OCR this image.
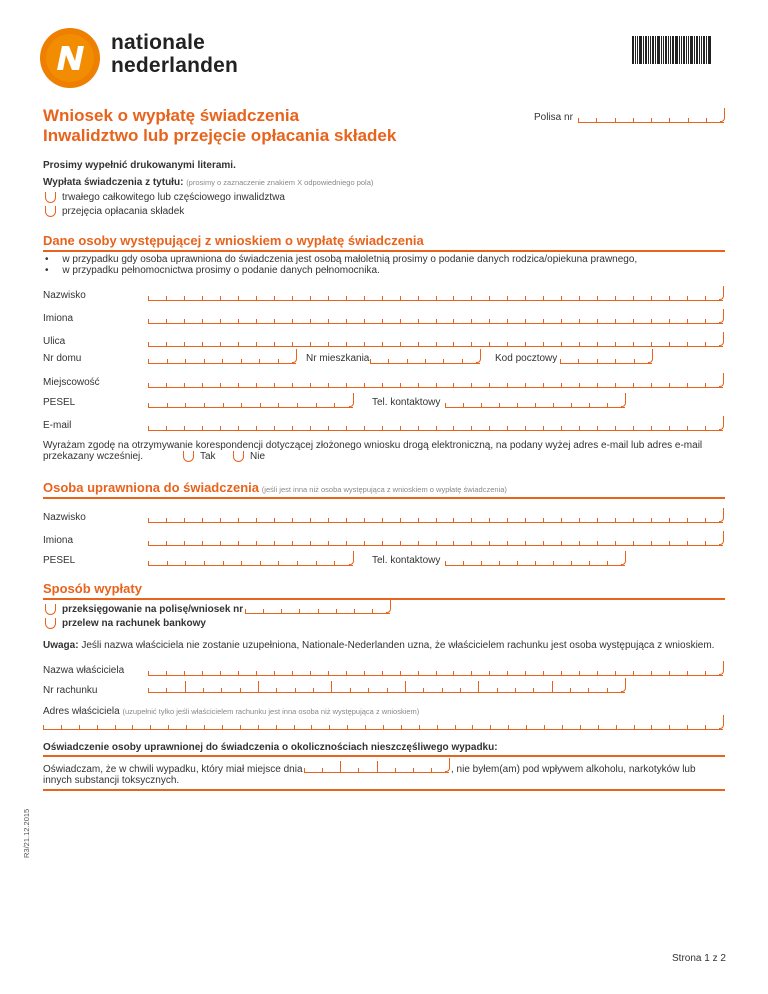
nationale
nederlanden
Wniosek o wypłatę świadczenia
Inwalidztwo lub przejęcie opłacania składek
Polisa nr
Prosimy wypełnić drukowanymi literami.
Wypłata świadczenia z tytułu: (prosimy o zaznaczenie znakiem X odpowiedniego pola)
trwałego całkowitego lub częściowego inwalidztwa
przejęcia opłacania składek
Dane osoby występującej z wnioskiem o wypłatę świadczenia
•     w przypadku gdy osoba uprawniona do świadczenia jest osobą małoletnią prosimy o podanie danych rodzica/opiekuna prawnego,
•     w przypadku pełnomocnictwa prosimy o podanie danych pełnomocnika.
Nazwisko
Imiona
Ulica
Nr domu	Nr mieszkania	Kod pocztowy
Miejscowość
PESEL	Tel. kontaktowy
E-mail
Wyrażam zgodę na otrzymywanie korespondencji dotyczącej złożonego wniosku drogą elektroniczną, na podany wyżej adres e-mail lub adres e-mail
przekazany wcześniej.	Tak	Nie
Osoba uprawniona do świadczenia (jeśli jest inna niż osoba występująca z wnioskiem o wypłatę świadczenia)
Nazwisko
Imiona
PESEL	Tel. kontaktowy
Sposób wypłaty
przeksięgowanie na polisę/wniosek nr
przelew na rachunek bankowy
Uwaga: Jeśli nazwa właściciela nie zostanie uzupełniona, Nationale-Nederlanden uzna, że właścicielem rachunku jest osoba występująca z wnioskiem.
Nazwa właściciela
Nr rachunku
Adres właściciela (uzupełnić tylko jeśli właścicielem rachunku jest inna osoba niż występująca z wnioskiem)
Oświadczenie osoby uprawnionej do świadczenia o okolicznościach nieszczęśliwego wypadku:
Oświadczam, że w chwili wypadku, który miał miejsce dnia	, nie byłem(am) pod wpływem alkoholu, narkotyków lub
innych substancji toksycznych.
R3/21.12.2015
Strona 1 z 2
